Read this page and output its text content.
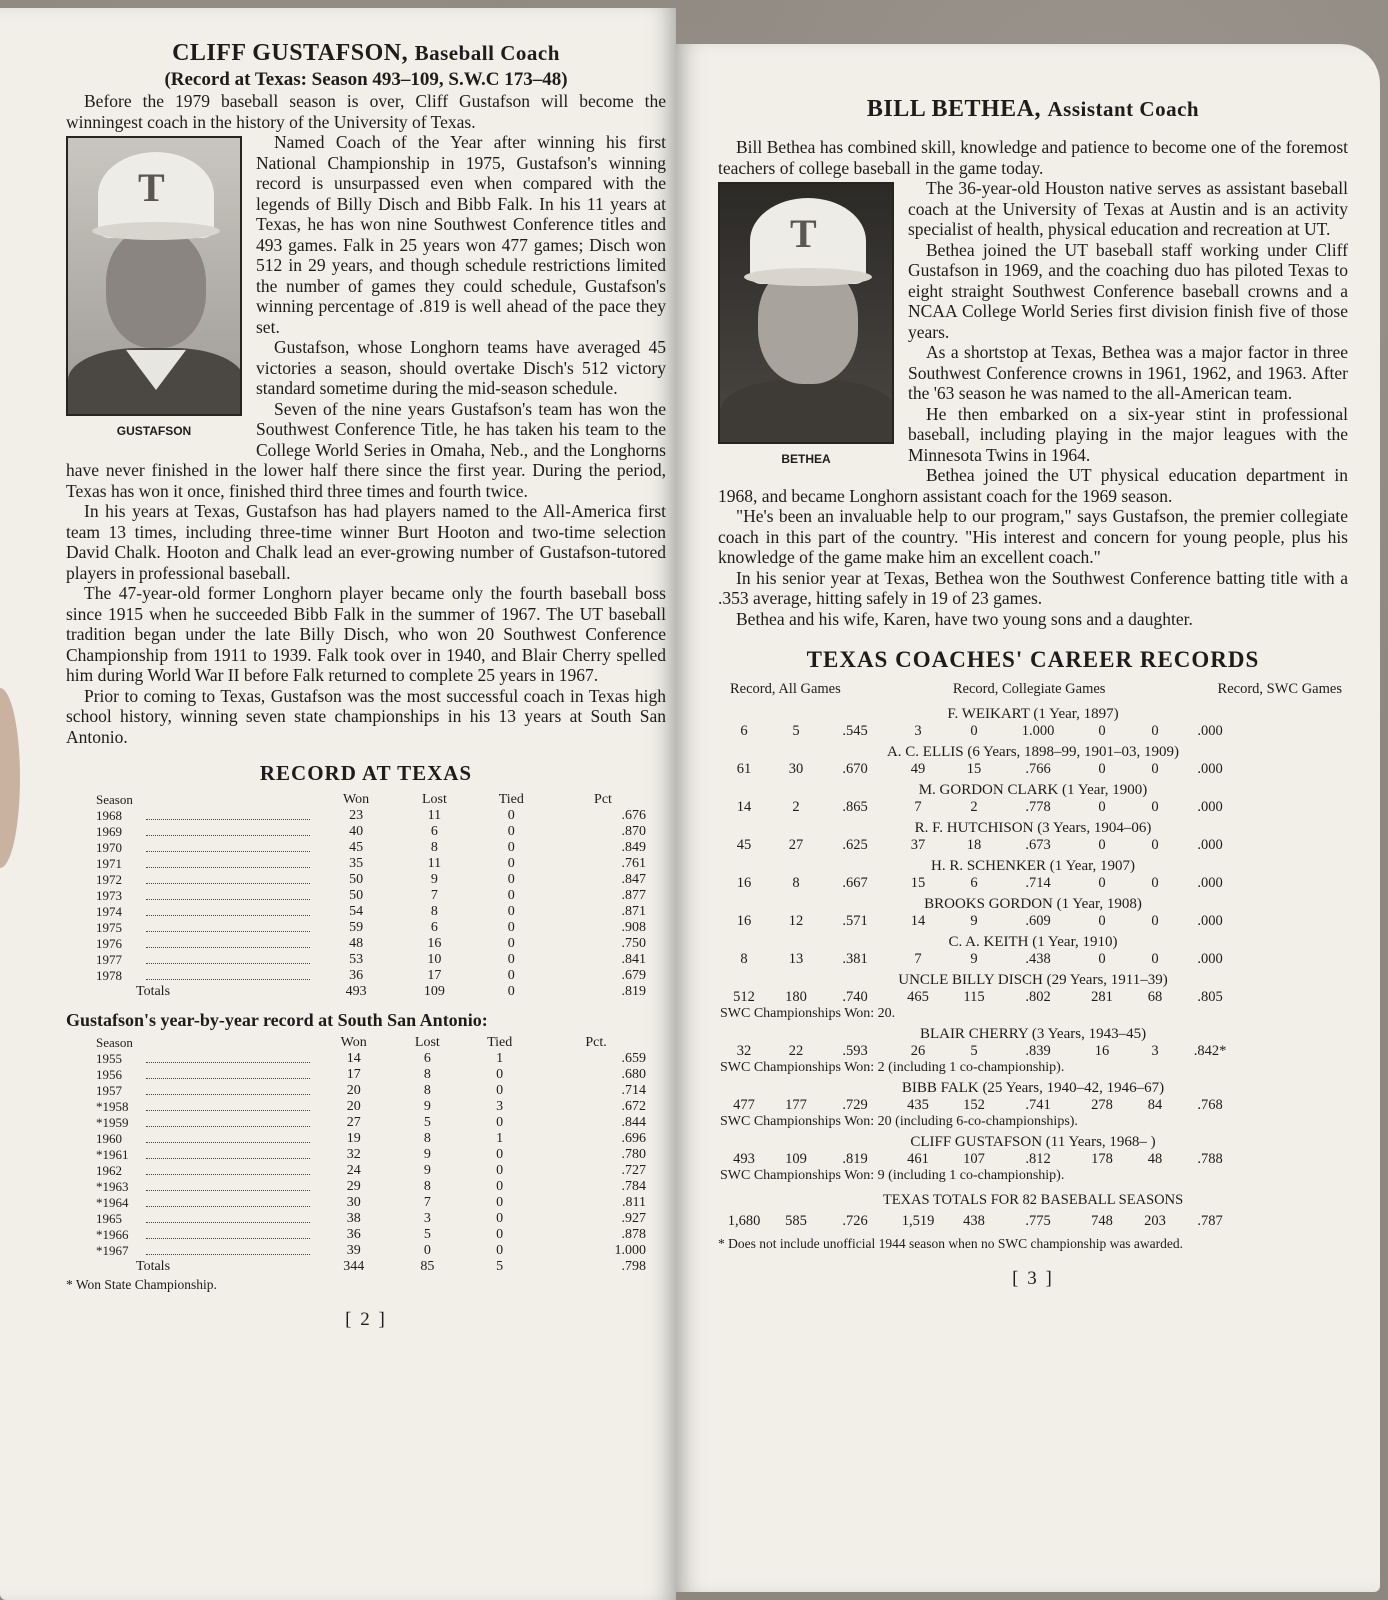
CLIFF GUSTAFSON, Baseball Coach
(Record at Texas: Season 493–109, S.W.C 173–48)

Before the 1979 baseball season is over, Cliff Gustafson will become the winningest coach in the history of the University of Texas.

T
GUSTAFSON

Named Coach of the Year after winning his first National Championship in 1975, Gustafson's winning record is unsurpassed even when compared with the legends of Billy Disch and Bibb Falk. In his 11 years at Texas, he has won nine Southwest Conference titles and 493 games. Falk in 25 years won 477 games; Disch won 512 in 29 years, and though schedule restrictions limited the number of games they could schedule, Gustafson's winning percentage of .819 is well ahead of the pace they set.

Gustafson, whose Longhorn teams have averaged 45 victories a season, should overtake Disch's 512 victory standard sometime during the mid-season schedule.

Seven of the nine years Gustafson's team has won the Southwest Conference Title, he has taken his team to the College World Series in Omaha, Neb., and the Longhorns have never finished in the lower half there since the first year. During the period, Texas has won it once, finished third three times and fourth twice.

In his years at Texas, Gustafson has had players named to the All-America first team 13 times, including three-time winner Burt Hooton and two-time selection David Chalk. Hooton and Chalk lead an ever-growing number of Gustafson-tutored players in professional baseball.

The 47-year-old former Longhorn player became only the fourth baseball boss since 1915 when he succeeded Bibb Falk in the summer of 1967. The UT baseball tradition began under the late Billy Disch, who won 20 Southwest Conference Championship from 1911 to 1939. Falk took over in 1940, and Blair Cherry spelled him during World War II before Falk returned to complete 25 years in 1967.

Prior to coming to Texas, Gustafson was the most successful coach in Texas high school history, winning seven state championships in his 13 years at South San Antonio.

RECORD AT TEXAS
Season	Won	Lost	Tied	Pct
1968	23	11	0	.676
1969	40	6	0	.870
1970	45	8	0	.849
1971	35	11	0	.761
1972	50	9	0	.847
1973	50	7	0	.877
1974	54	8	0	.871
1975	59	6	0	.908
1976	48	16	0	.750
1977	53	10	0	.841
1978	36	17	0	.679
Totals	493	109	0	.819
Gustafson's year-by-year record at South San Antonio:
Season	Won	Lost	Tied	Pct.
1955	14	6	1	.659
1956	17	8	0	.680
1957	20	8	0	.714
*1958	20	9	3	.672
*1959	27	5	0	.844
1960	19	8	1	.696
*1961	32	9	0	.780
1962	24	9	0	.727
*1963	29	8	0	.784
*1964	30	7	0	.811
1965	38	3	0	.927
*1966	36	5	0	.878
*1967	39	0	0	1.000
Totals	344	85	5	.798
* Won State Championship.
[ 2 ]
BILL BETHEA, Assistant Coach

Bill Bethea has combined skill, knowledge and patience to become one of the foremost teachers of college baseball in the game today.

T
BETHEA

The 36-year-old Houston native serves as assistant baseball coach at the University of Texas at Austin and is an activity specialist of health, physical education and recreation at UT.

Bethea joined the UT baseball staff working under Cliff Gustafson in 1969, and the coaching duo has piloted Texas to eight straight Southwest Conference baseball crowns and a NCAA College World Series first division finish five of those years.

As a shortstop at Texas, Bethea was a major factor in three Southwest Conference crowns in 1961, 1962, and 1963. After the '63 season he was named to the all-American team.

He then embarked on a six-year stint in professional baseball, including playing in the major leagues with the Minnesota Twins in 1964.

Bethea joined the UT physical education department in 1968, and became Longhorn assistant coach for the 1969 season.

"He's been an invaluable help to our program," says Gustafson, the premier collegiate coach in this part of the country. "His interest and concern for young people, plus his knowledge of the game make him an excellent coach."

In his senior year at Texas, Bethea won the Southwest Conference batting title with a .353 average, hitting safely in 19 of 23 games.

Bethea and his wife, Karen, have two young sons and a daughter.

TEXAS COACHES' CAREER RECORDS
Record, All Games	Record, Collegiate Games	Record, SWC Games
F. WEIKART (1 Year, 1897)
6	5	.545	3	0	1.000	0	0	.000
A. C. ELLIS (6 Years, 1898–99, 1901–03, 1909)
61	30	.670	49	15	.766	0	0	.000
M. GORDON CLARK (1 Year, 1900)
14	2	.865	7	2	.778	0	0	.000
R. F. HUTCHISON (3 Years, 1904–06)
45	27	.625	37	18	.673	0	0	.000
H. R. SCHENKER (1 Year, 1907)
16	8	.667	15	6	.714	0	0	.000
BROOKS GORDON (1 Year, 1908)
16	12	.571	14	9	.609	0	0	.000
C. A. KEITH (1 Year, 1910)
8	13	.381	7	9	.438	0	0	.000
UNCLE BILLY DISCH (29 Years, 1911–39)
512	180	.740	465	115	.802	281	68	.805
SWC Championships Won: 20.
BLAIR CHERRY (3 Years, 1943–45)
32	22	.593	26	5	.839	16	3	.842*
SWC Championships Won: 2 (including 1 co-championship).
BIBB FALK (25 Years, 1940–42, 1946–67)
477	177	.729	435	152	.741	278	84	.768
SWC Championships Won: 20 (including 6-co-championships).
CLIFF GUSTAFSON (11 Years, 1968– )
493	109	.819	461	107	.812	178	48	.788
SWC Championships Won: 9 (including 1 co-championship).
TEXAS TOTALS FOR 82 BASEBALL SEASONS
1,680	585	.726	1,519	438	.775	748	203	.787
* Does not include unofficial 1944 season when no SWC championship was awarded.
[ 3 ]
